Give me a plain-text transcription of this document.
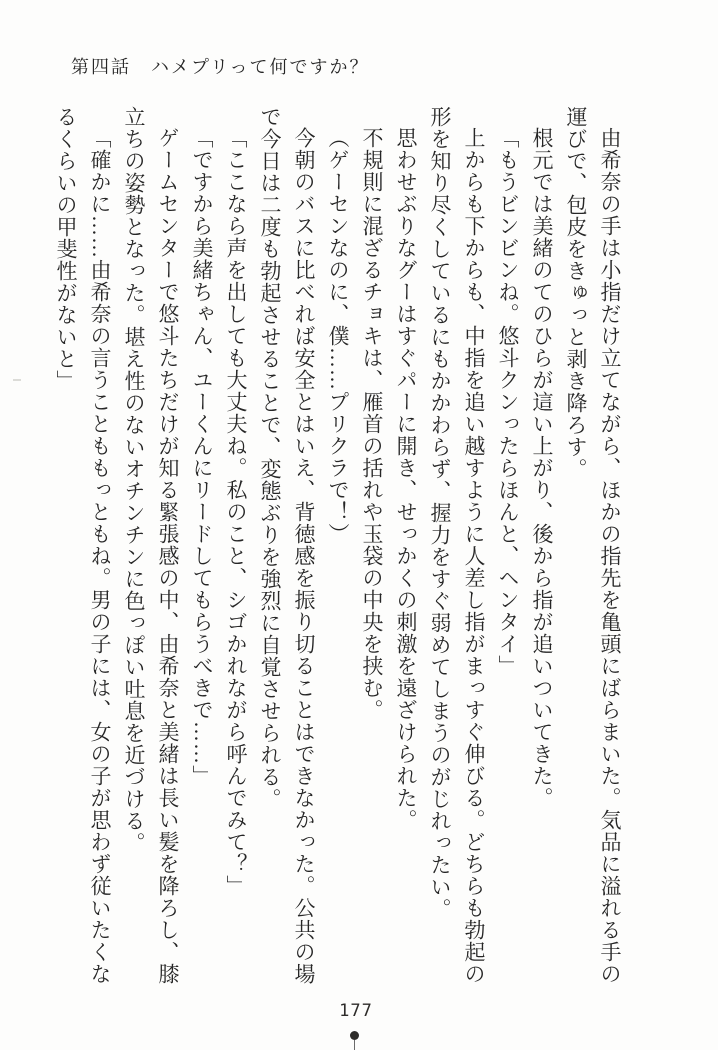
第四話　ハメプリって何ですか？

由希奈の手は小指だけ立てながら、ほかの指先を亀頭にばらまいた。気品に溢れる手の運びで、包皮をきゅっと剥き降ろす。

根元では美緒のてのひらが這い上がり、後から指が追いついてきた。

「もうビンビンね。悠斗クンったらほんと、ヘンタイ」

上からも下からも、中指を追い越すように人差し指がまっすぐ伸びる。どちらも勃起の形を知り尽くしているにもかかわらず、握力をすぐ弱めてしまうのがじれったい。

思わせぶりなグーはすぐパーに開き、せっかくの刺激を遠ざけられた。

不規則に混ざるチョキは、雁首の括れや玉袋の中央を挟む。

（ゲーセンなのに、僕……プリクラで！）

今朝のバスに比べれば安全とはいえ、背徳感を振り切ることはできなかった。公共の場で今日は二度も勃起させることで、変態ぶりを強烈に自覚させられる。

「ここなら声を出しても大丈夫ね。私のこと、シゴかれながら呼んでみて？」

「ですから美緒ちゃん、ユーくんにリードしてもらうべきで……」

ゲームセンターで悠斗たちだけが知る緊張感の中、由希奈と美緒は長い髪を降ろし、膝立ちの姿勢となった。堪え性のないオチンチンに色っぽい吐息を近づける。

「確かに……由希奈の言うことももっともね。男の子には、女の子が思わず従いたくなるくらいの甲斐性がないと」

177
